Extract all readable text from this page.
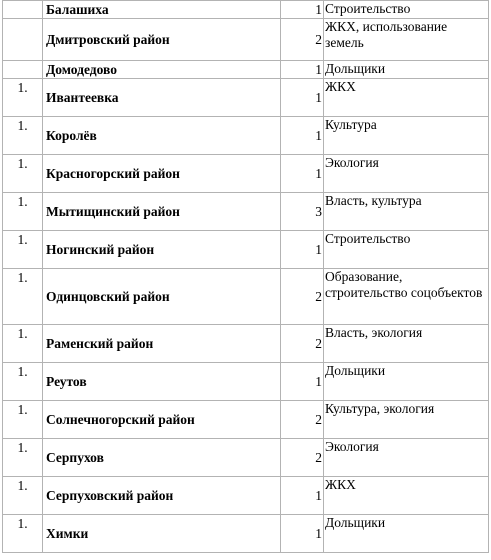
	Балашиха	1	Строительство
	Дмитровский район	2	ЖКХ, использование земель
	Домодедово	1	Дольщики
1.	Ивантеевка	1	ЖКХ
1.	Королёв	1	Культура
1.	Красногорский район	1	Экология
1.	Мытищинский район	3	Власть, культура
1.	Ногинский район	1	Строительство
1.	Одинцовский район	2	Образование, строительство соцобъектов
1.	Раменский район	2	Власть, экология
1.	Реутов	1	Дольщики
1.	Солнечногорский район	2	Культура, экология
1.	Серпухов	2	Экология
1.	Серпуховский район	1	ЖКХ
1.	Химки	1	Дольщики
